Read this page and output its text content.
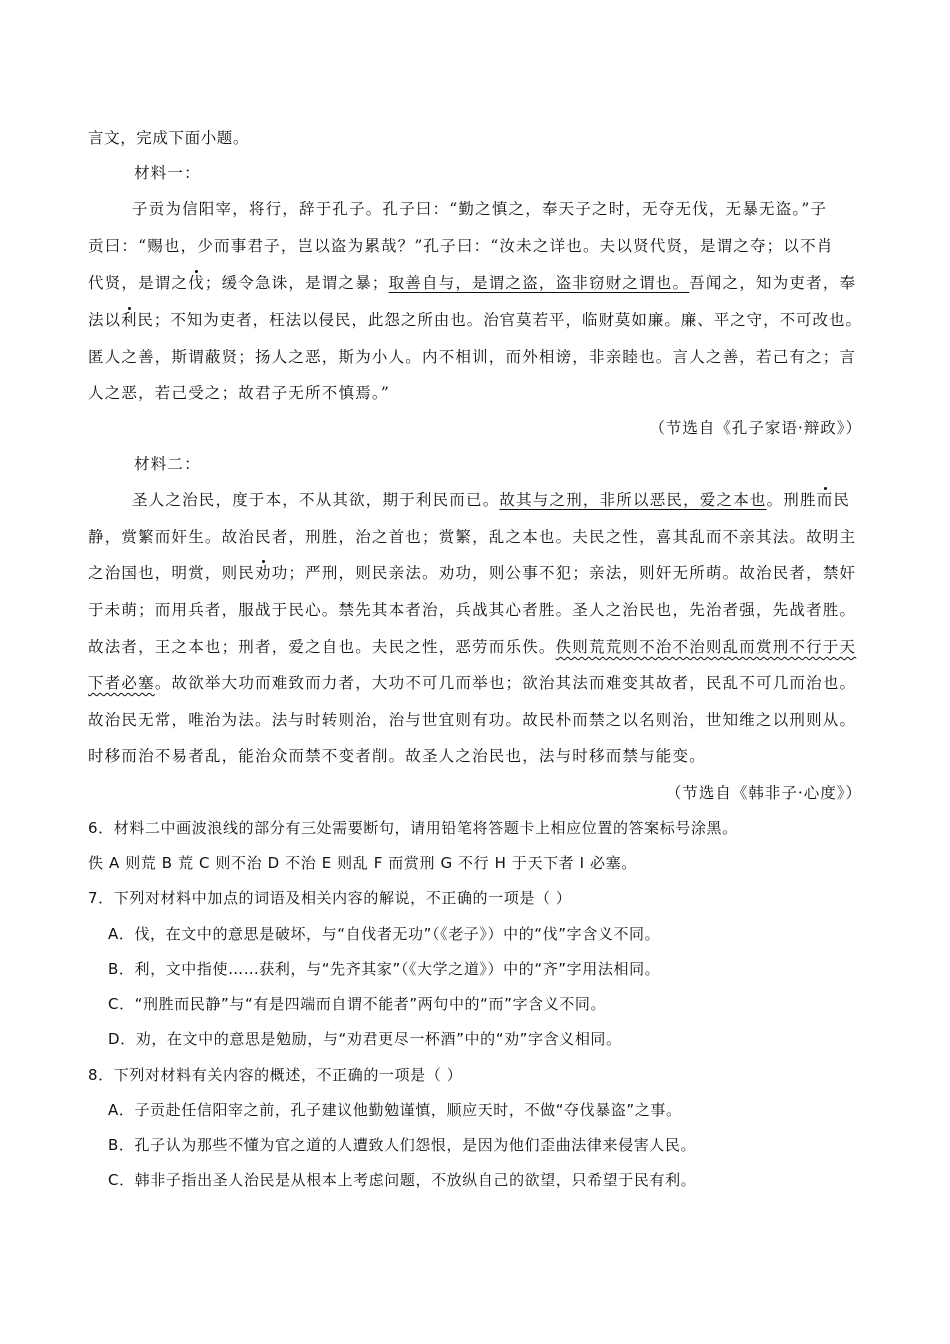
言文，完成下面小题。
材料一：
子贡为信阳宰，将行，辞于孔子。孔子曰：“勤之慎之，奉天子之时，无夺无伐，无暴无盗。”子
贡曰：“赐也，少而事君子，岂以盗为累哉？”孔子曰：“汝未之详也。夫以贤代贤，是谓之夺；以不肖
代贤，是谓之伐；缓令急诛，是谓之暴；取善自与，是谓之盗，盗非窃财之谓也。吾闻之，知为吏者，奉
法以利民；不知为吏者，枉法以侵民，此怨之所由也。治官莫若平，临财莫如廉。廉、平之守，不可改也。
匿人之善，斯谓蔽贤；扬人之恶，斯为小人。内不相训，而外相谤，非亲睦也。言人之善，若己有之；言
人之恶，若己受之；故君子无所不慎焉。”
（节选自《孔子家语·辩政》）
材料二：
圣人之治民，度于本，不从其欲，期于利民而已。故其与之刑，非所以恶民，爱之本也。刑胜而民
静，赏繁而奸生。故治民者，刑胜，治之首也；赏繁，乱之本也。夫民之性，喜其乱而不亲其法。故明主
之治国也，明赏，则民劝功；严刑，则民亲法。劝功，则公事不犯；亲法，则奸无所萌。故治民者，禁奸
于未萌；而用兵者，服战于民心。禁先其本者治，兵战其心者胜。圣人之治民也，先治者强，先战者胜。
故法者，王之本也；刑者，爱之自也。夫民之性，恶劳而乐佚。佚则荒荒则不治不治则乱而赏刑不行于天
下者必塞。故欲举大功而难致而力者，大功不可几而举也；欲治其法而难变其故者，民乱不可几而治也。
故治民无常，唯治为法。法与时转则治，治与世宜则有功。故民朴而禁之以名则治，世知维之以刑则从。
时移而治不易者乱，能治众而禁不变者削。故圣人之治民也，法与时移而禁与能变。
（节选自《韩非子·心度》）
6．材料二中画波浪线的部分有三处需要断句，请用铅笔将答题卡上相应位置的答案标号涂黑。
佚 A 则荒 B 荒 C 则不治 D 不治 E 则乱 F 而赏刑 G 不行 H 于天下者 I 必塞。
7．下列对材料中加点的词语及相关内容的解说，不正确的一项是（ ）
A．伐，在文中的意思是破坏，与“自伐者无功”（《老子》）中的“伐”字含义不同。
B．利，文中指使……获利，与“先齐其家”（《大学之道》）中的“齐”字用法相同。
C．“刑胜而民静”与“有是四端而自谓不能者”两句中的“而”字含义不同。
D．劝，在文中的意思是勉励，与“劝君更尽一杯酒”中的“劝”字含义相同。
8．下列对材料有关内容的概述，不正确的一项是（ ）
A．子贡赴任信阳宰之前，孔子建议他勤勉谨慎，顺应天时，不做“夺伐暴盗”之事。
B．孔子认为那些不懂为官之道的人遭致人们怨恨，是因为他们歪曲法律来侵害人民。
C．韩非子指出圣人治民是从根本上考虑问题，不放纵自己的欲望，只希望于民有利。
